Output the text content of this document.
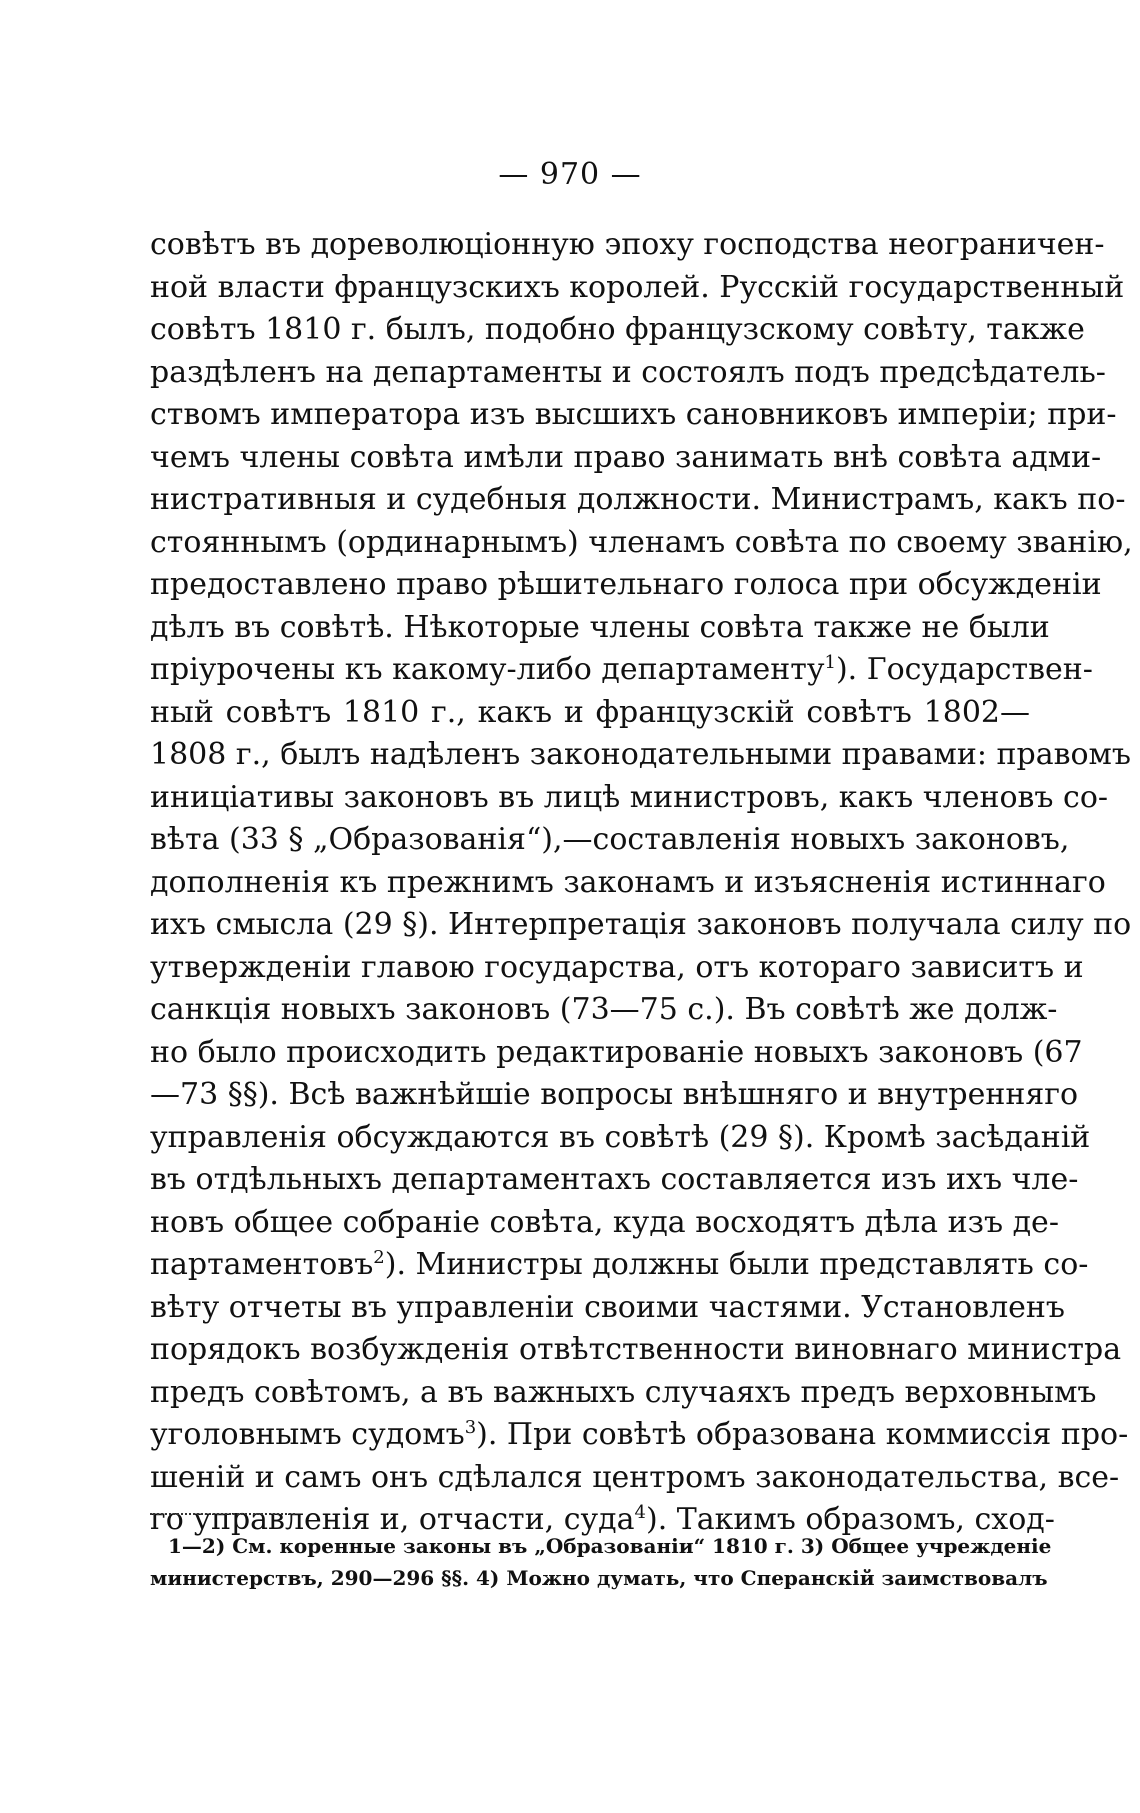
— 970 —
совѣтъ въ дореволюціонную эпоху господства неограничен-
ной власти французскихъ королей. Русскій государственный
совѣтъ 1810 г. былъ, подобно французскому совѣту, также
раздѣленъ на департаменты и состоялъ подъ предсѣдатель-
ствомъ императора изъ высшихъ сановниковъ имперіи; при-
чемъ члены совѣта имѣли право занимать внѣ совѣта адми-
нистративныя и судебныя должности. Министрамъ, какъ по-
стояннымъ (ординарнымъ) членамъ совѣта по своему званію,
предоставлено право рѣшительнаго голоса при обсужденіи
дѣлъ въ совѣтѣ. Нѣкоторые члены совѣта также не были
пріурочены къ какому-либо департаменту$^1$). Государствен-
ный совѣтъ 1810 г., какъ и французскій совѣтъ 1802—
1808 г., былъ надѣленъ законодательными правами: правомъ
иниціативы законовъ въ лицѣ министровъ, какъ членовъ со-
вѣта (33 § „Образованія“),—составленія новыхъ законовъ,
дополненія къ прежнимъ законамъ и изъясненія истиннаго
ихъ смысла (29 §). Интерпретація законовъ получала силу по
утвержденіи главою государства, отъ котораго зависитъ и
санкція новыхъ законовъ (73—75 с.). Въ совѣтѣ же долж-
но было происходить редактированіе новыхъ законовъ (67
—73 §§). Всѣ важнѣйшіе вопросы внѣшняго и внутренняго
управленія обсуждаются въ совѣтѣ (29 §). Кромѣ засѣданій
въ отдѣльныхъ департаментахъ составляется изъ ихъ чле-
новъ общее собраніе совѣта, куда восходятъ дѣла изъ де-
партаментовъ$^2$). Министры должны были представлять со-
вѣту отчеты въ управленіи своими частями. Установленъ
порядокъ возбужденія отвѣтственности виновнаго министра
предъ совѣтомъ, а въ важныхъ случаяхъ предъ верховнымъ
уголовнымъ судомъ$^3$). При совѣтѣ образована коммиссія про-
шеній и самъ онъ сдѣлался центромъ законодательства, все-
го управленія и, отчасти, суда$^4$). Такимъ образомъ, сход-
1—2) См. коренные законы въ „Образованіи“ 1810 г. 3) Общее учрежденіе
министерствъ, 290—296 §§. 4) Можно думать, что Сперанскій заимствовалъ
